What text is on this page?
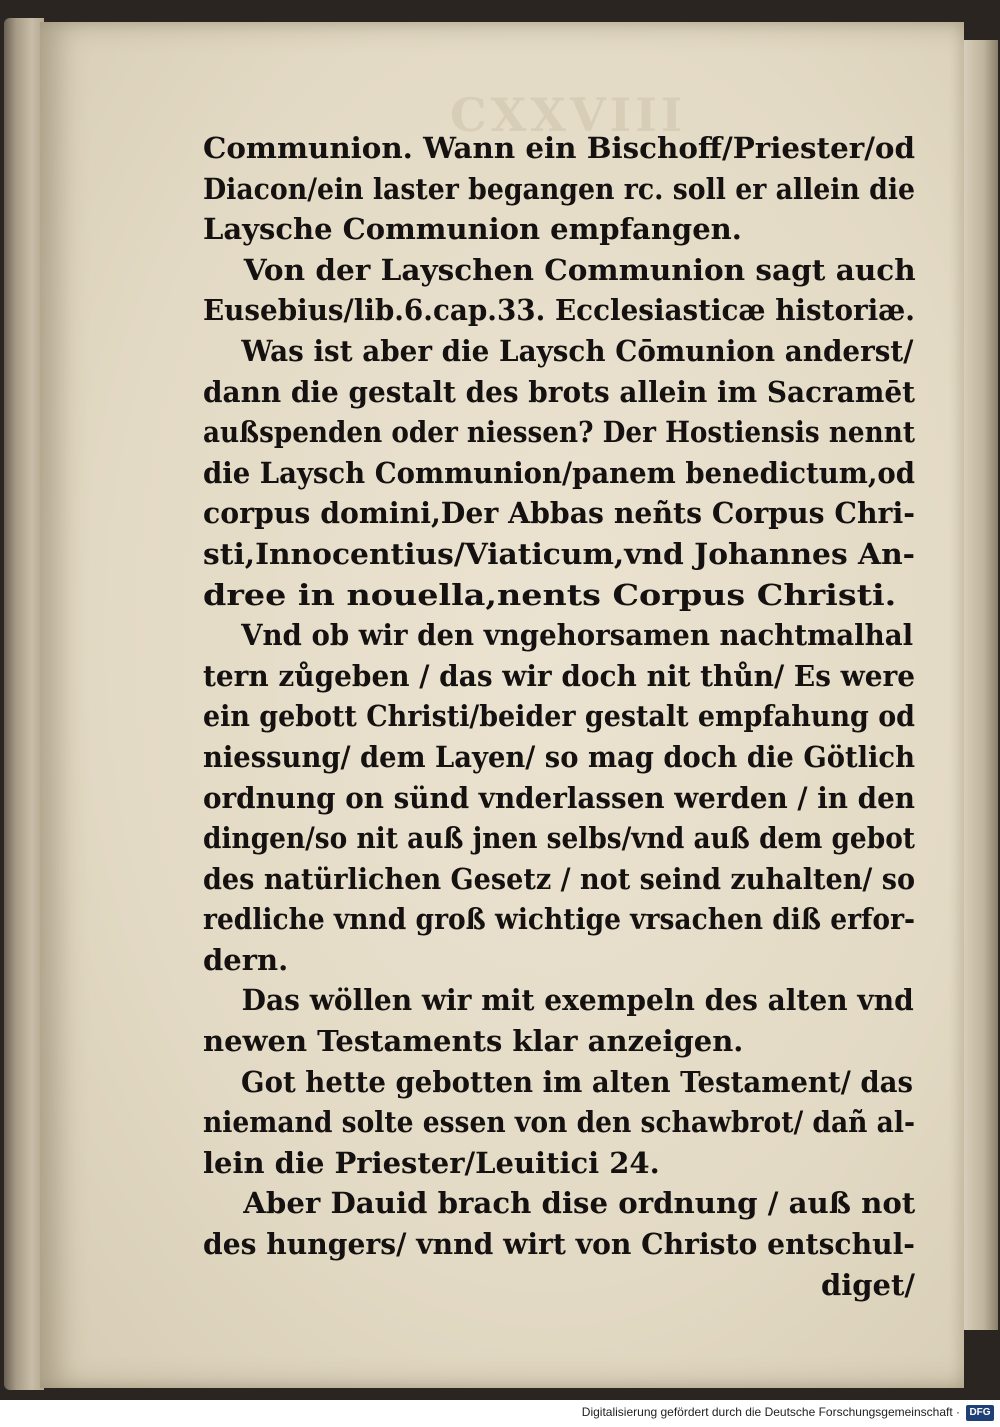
CXXVIII
Communion. Wann ein Bischoff/Priester/od
Diacon/ein laster begangen rc. soll er allein die
Laysche Communion empfangen.
Von der Layschen Communion sagt auch
Eusebius/lib.6.cap.33. Ecclesiasticæ historiæ.
Was ist aber die Laysch Cōmunion anderst/
dann die gestalt des brots allein im Sacramēt
außspenden oder niessen? Der Hostiensis nennt
die Laysch Communion/panem benedictum,od
corpus domini,Der Abbas neñts Corpus Chri-
sti,Innocentius/Viaticum,vnd Johannes An-
dree in nouella,nents Corpus Christi.
Vnd ob wir den vngehorsamen nachtmalhal
tern zůgeben / das wir doch nit thůn/ Es were
ein gebott Christi/beider gestalt empfahung od
niessung/ dem Layen/ so mag doch die Götlich
ordnung on sünd vnderlassen werden / in den
dingen/so nit auß jnen selbs/vnd auß dem gebot
des natürlichen Gesetz / not seind zuhalten/ so
redliche vnnd groß wichtige vrsachen diß erfor-
dern.
Das wöllen wir mit exempeln des alten vnd
newen Testaments klar anzeigen.
Got hette gebotten im alten Testament/ das
niemand solte essen von den schawbrot/ dañ al-
lein die Priester/Leuitici 24.
Aber Dauid brach dise ordnung / auß not
des hungers/ vnnd wirt von Christo entschul-
diget/
Digitalisierung gefördert durch die Deutsche Forschungsgemeinschaft · DFG
